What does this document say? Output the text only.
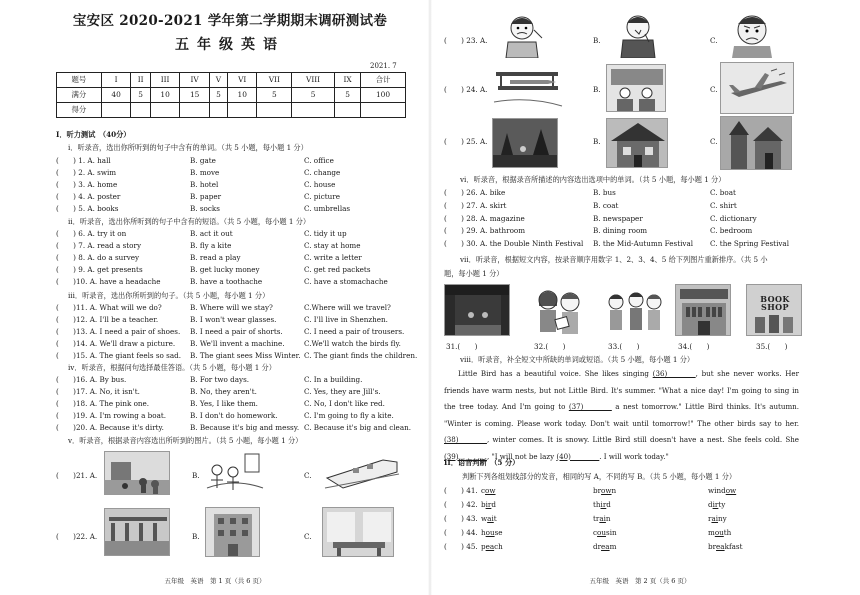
宝安区 2020-2021 学年第二学期期末调研测试卷
五年级英语
2021. 7
题号	I	II	III	IV	V	VI	VII	VIII	IX	合计
满分	40	5	10	15	5	10	5	5	5	100
得分										
I．听力测试　（40分）
i．听录音，选出你所听到的句子中含有的单词。（共 5 小题，每小题 1 分）
(　　) 1. A. hall	B. gate	C. office
(　　) 2. A. swim	B. move	C. change
(　　) 3. A. home	B. hotel	C. house
(　　) 4. A. poster	B. paper	C. picture
(　　) 5. A. books	B. socks	C. umbrellas
ii．听录音，选出你所听到的句子中含有的短语。（共 5 小题，每小题 1 分）
(　　) 6. A. try it on	B. act it out	C. tidy it up
(　　) 7. A. read a story	B. fly a kite	C. stay at home
(　　) 8. A. do a survey	B. read a play	C. write a letter
(　　) 9. A. get presents	B. get lucky money	C. get red packets
(　　)10. A. have a headache	B. have a toothache	C. have a stomachache
iii．听录音，选出你所听到的句子。（共 5 小题，每小题 1 分）
(　　)11. A. What will we do?	B. Where will we stay?	C.Where will we travel?
(　　)12. A. I'll be a teacher.	B. I won't wear glasses.	C. I'll live in Shenzhen.
(　　)13. A. I need a pair of shoes. B. I need a pair of shorts.	C. I need a pair of trousers.
(　　)14. A. We'll draw a picture. B. We'll invent a machine.	C.We'll watch the birds fly.
(　　)15. A. The giant feels so sad. B. The giant sees Miss Winter. C. The giant finds the children.
iv．听录音，根据问句选择最佳答语。（共 5 小题，每小题 1 分）
(　　)16. A. By bus.	B. For two days.	C. In a building.
(　　)17. A. No, it isn't.	B. No, they aren't.	C. Yes, they are Jill's.
(　　)18. A. The pink one.	B. Yes, I like them.	C. No, I don't like red.
(　　)19. A. I'm rowing a boat.	B. I don't do homework.	C. I'm going to fly a kite.
(　　)20. A. Because it's dirty.	B. Because it's big and messy. C. Because it's big and clean.
v．听录音，根据录音内容选出所听到的图片。（共 5 小题，每小题 1 分）
(　　)21. A.	B.	C.
(　　)22. A.	B.	C.
五年级　英语　第 1 页（共 6 页）
(　　) 23. A.	B.	C.
(　　) 24. A.	B.	C.
(　　) 25. A.	B.	C.
vi．听录音，根据录音所描述的内容选出选项中的单词。（共 5 小题，每小题 1 分）
(　　) 26. A. bike	B. bus	C. boat
(　　) 27. A. skirt	B. coat	C. shirt
(　　) 28. A. magazine	B. newspaper	C. dictionary
(　　) 29. A. bathroom	B. dining room	C. bedroom
(　　) 30. A. the Double Ninth Festival B. the Mid-Autumn Festival C. the Spring Festival
vii．听录音，根据短文内容，按录音顺序用数字 1、2、3、4、5 给下列图片重新排序。（共 5 小
题，每小题 1 分）
BOOK SHOP
31.(　　)	32.(　　)	33.(　　)	34.(　　)	35.(　　)
viii．听录音，补全短文中所缺的单词或短语。（共 5 小题，每小题 1 分）
五年级　英语　第 2 页（共 6 页）
Little Bird has a beautiful voice. She likes singing (36)________, but she never works. Her friends have warm nests, but not Little Bird. It's summer. "What a nice day! I'm going to sing in the tree today. And I'm going to (37)________ a nest tomorrow." Little Bird thinks. It's autumn. "Winter is coming. Please work today. Don't wait until tomorrow!" The other birds say to her. (38)________, winter comes. It is snowy. Little Bird still doesn't have a nest. She feels cold. She (39)________, "I will not be lazy (40)________. I will work today."
II．语音判断　（5 分）
判断下列各组划线部分的发音，相同的写 A，不同的写 B。（共 5 小题，每小题 1 分）
(　　) 41. cow	brown	window
(　　) 42. bird	third	dirty
(　　) 43. wait	train	rainy
(　　) 44. house	cousin	mouth
(　　) 45. peach	dream	breakfast
